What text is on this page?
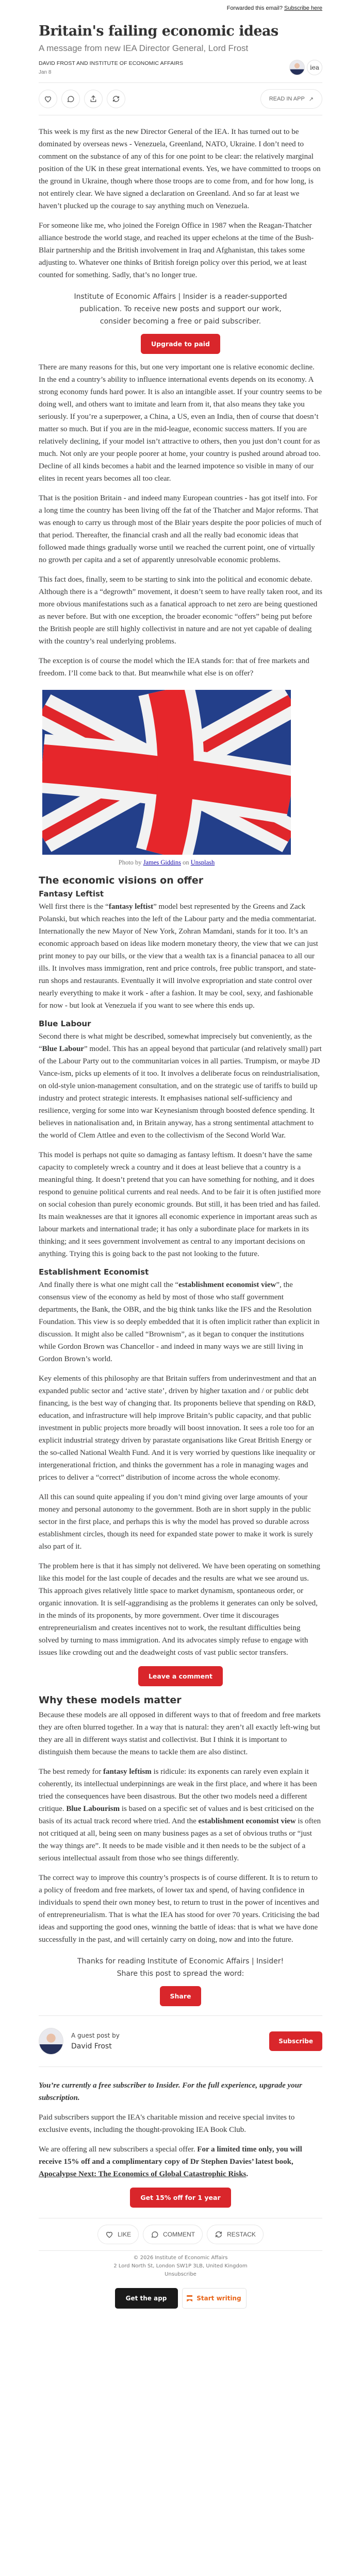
Forwarded this email? Subscribe here
Britain's failing economic ideas
A message from new IEA Director General, Lord Frost
DAVID FROST AND INSTITUTE OF ECONOMIC AFFAIRS
Jan 8
iea
READ IN APP ↗

This week is my first as the new Director General of the IEA. It has turned out to be dominated by overseas news - Venezuela, Greenland, NATO, Ukraine. I don’t need to comment on the substance of any of this for one point to be clear: the relatively marginal position of the UK in these great international events. Yes, we have committed to troops on the ground in Ukraine, though where those troops are to come from, and for how long, is not entirely clear. We have signed a declaration on Greenland. And so far at least we haven’t plucked up the courage to say anything much on Venezuela.

For someone like me, who joined the Foreign Office in 1987 when the Reagan-Thatcher alliance bestrode the world stage, and reached its upper echelons at the time of the Bush-Blair partnership and the British involvement in Iraq and Afghanistan, this takes some adjusting to. Whatever one thinks of British foreign policy over this period, we at least counted for something. Sadly, that’s no longer true.

Institute of Economic Affairs | Insider is a reader-supported publication. To receive new posts and support our work, consider becoming a free or paid subscriber.
Upgrade to paid

There are many reasons for this, but one very important one is relative economic decline. In the end a country’s ability to influence international events depends on its economy. A strong economy funds hard power. It is also an intangible asset. If your country seems to be doing well, and others want to imitate and learn from it, that also means they take you seriously. If you’re a superpower, a China, a US, even an India, then of course that doesn’t matter so much. But if you are in the mid-league, economic success matters. If you are relatively declining, if your model isn’t attractive to others, then you just don’t count for as much. Not only are your people poorer at home, your country is pushed around abroad too. Decline of all kinds becomes a habit and the learned impotence so visible in many of our elites in recent years becomes all too clear.

That is the position Britain - and indeed many European countries - has got itself into. For a long time the country has been living off the fat of the Thatcher and Major reforms. That was enough to carry us through most of the Blair years despite the poor policies of much of that period. Thereafter, the financial crash and all the really bad economic ideas that followed made things gradually worse until we reached the current point, one of virtually no growth per capita and a set of apparently unresolvable economic problems.

This fact does, finally, seem to be starting to sink into the political and economic debate. Although there is a “degrowth” movement, it doesn’t seem to have really taken root, and its more obvious manifestations such as a fanatical approach to net zero are being questioned as never before. But with one exception, the broader economic “offers” being put before the British people are still highly collectivist in nature and are not yet capable of dealing with the country’s real underlying problems.

The exception is of course the model which the IEA stands for: that of free markets and freedom. I’ll come back to that. But meanwhile what else is on offer?

Photo by James Giddins on Unsplash
The economic visions on offer
Fantasy Leftist

Well first there is the “fantasy leftist” model best represented by the Greens and Zack Polanski, but which reaches into the left of the Labour party and the media commentariat. Internationally the new Mayor of New York, Zohran Mamdani, stands for it too. It’s an economic approach based on ideas like modern monetary theory, the view that we can just print money to pay our bills, or the view that a wealth tax is a financial panacea to all our ills. It involves mass immigration, rent and price controls, free public transport, and state-run shops and restaurants. Eventually it will involve expropriation and state control over nearly everything to make it work - after a fashion. It may be cool, sexy, and fashionable for now - but look at Venezuela if you want to see where this ends up.

Blue Labour

Second there is what might be described, somewhat imprecisely but conveniently, as the “Blue Labour” model. This has an appeal beyond that particular (and relatively small) part of the Labour Party out to the communitarian voices in all parties. Trumpism, or maybe JD Vance-ism, picks up elements of it too. It involves a deliberate focus on reindustrialisation, on old-style union-management consultation, and on the strategic use of tariffs to build up industry and protect strategic interests. It emphasises national self-sufficiency and resilience, verging for some into war Keynesianism through boosted defence spending. It believes in nationalisation and, in Britain anyway, has a strong sentimental attachment to the world of Clem Attlee and even to the collectivism of the Second World War.

This model is perhaps not quite so damaging as fantasy leftism. It doesn’t have the same capacity to completely wreck a country and it does at least believe that a country is a meaningful thing. It doesn’t pretend that you can have something for nothing, and it does respond to genuine political currents and real needs. And to be fair it is often justified more on social cohesion than purely economic grounds. But still, it has been tried and has failed. Its main weaknesses are that it ignores all economic experience in important areas such as labour markets and international trade; it has only a subordinate place for markets in its thinking; and it sees government involvement as central to any important decisions on anything. Trying this is going back to the past not looking to the future.

Establishment Economist

And finally there is what one might call the “establishment economist view”, the consensus view of the economy as held by most of those who staff government departments, the Bank, the OBR, and the big think tanks like the IFS and the Resolution Foundation. This view is so deeply embedded that it is often implicit rather than explicit in discussion. It might also be called “Brownism”, as it began to conquer the institutions while Gordon Brown was Chancellor - and indeed in many ways we are still living in Gordon Brown’s world.

Key elements of this philosophy are that Britain suffers from underinvestment and that an expanded public sector and ‘active state’, driven by higher taxation and / or public debt financing, is the best way of changing that. Its proponents believe that spending on R&D, education, and infrastructure will help improve Britain’s public capacity, and that public investment in public projects more broadly will boost innovation. It sees a role too for an explicit industrial strategy driven by parastate organisations like Great British Energy or the so-called National Wealth Fund. And it is very worried by questions like inequality or intergenerational friction, and thinks the government has a role in managing wages and prices to deliver a “correct” distribution of income across the whole economy.

All this can sound quite appealing if you don’t mind giving over large amounts of your money and personal autonomy to the government. Both are in short supply in the public sector in the first place, and perhaps this is why the model has proved so durable across establishment circles, though its need for expanded state power to make it work is surely also part of it.

The problem here is that it has simply not delivered. We have been operating on something like this model for the last couple of decades and the results are what we see around us. This approach gives relatively little space to market dynamism, spontaneous order, or organic innovation. It is self-aggrandising as the problems it generates can only be solved, in the minds of its proponents, by more government. Over time it discourages entrepreneurialism and creates incentives not to work, the resultant difficulties being solved by turning to mass immigration. And its advocates simply refuse to engage with issues like crowding out and the deadweight costs of vast public sector transfers.

Leave a comment
Why these models matter

Because these models are all opposed in different ways to that of freedom and free markets they are often blurred together. In a way that is natural: they aren’t all exactly left-wing but they are all in different ways statist and collectivist. But I think it is important to distinguish them because the means to tackle them are also distinct.

The best remedy for fantasy leftism is ridicule: its exponents can rarely even explain it coherently, its intellectual underpinnings are weak in the first place, and where it has been tried the consequences have been disastrous. But the other two models need a different critique. Blue Labourism is based on a specific set of values and is best criticised on the basis of its actual track record where tried. And the establishment economist view is often not critiqued at all, being seen on many business pages as a set of obvious truths or “just the way things are”. It needs to be made visible and it then needs to be the subject of a serious intellectual assault from those who see things differently.

The correct way to improve this country’s prospects is of course different. It is to return to a policy of freedom and free markets, of lower tax and spend, of having confidence in individuals to spend their own money best, to return to trust in the power of incentives and of entrepreneurialism. That is what the IEA has stood for over 70 years. Criticising the bad ideas and supporting the good ones, winning the battle of ideas: that is what we have done successfully in the past, and will certainly carry on doing, now and into the future.

Thanks for reading Institute of Economic Affairs | Insider! Share this post to spread the word:
Share
A guest post by
David Frost
Subscribe

You’re currently a free subscriber to Insider. For the full experience, upgrade your subscription.

Paid subscribers support the IEA's charitable mission and receive special invites to exclusive events, including the thought-provoking IEA Book Club.

We are offering all new subscribers a special offer. For a limited time only, you will receive 15% off and a complimentary copy of Dr Stephen Davies’ latest book, Apocalypse Next: The Economics of Global Catastrophic Risks.

Get 15% off for 1 year
LIKE	COMMENT	RESTACK
© 2026 Institute of Economic Affairs
2 Lord North St, London SW1P 3LB, United Kingdom
Unsubscribe
Get the app	Start writing
